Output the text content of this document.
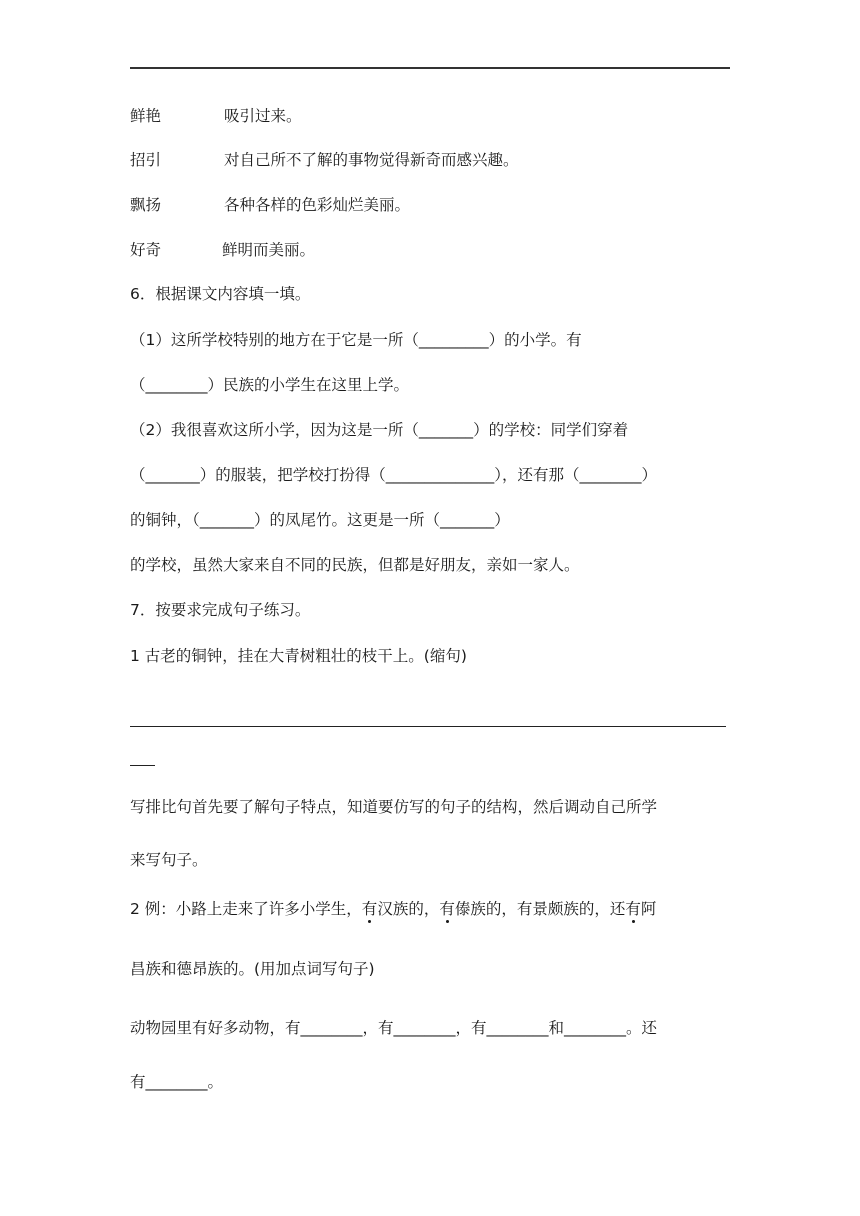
鲜艳	吸引过来。
招引	对自己所不了解的事物觉得新奇而感兴趣。
飘扬	各种各样的色彩灿烂美丽。
好奇	鲜明而美丽。
6．根据课文内容填一填。
（1）这所学校特别的地方在于它是一所（_________）的小学。有
（________）民族的小学生在这里上学。
（2）我很喜欢这所小学，因为这是一所（_______）的学校：同学们穿着
（_______）的服装，把学校打扮得（______________），还有那（________）
的铜钟，（_______）的凤尾竹。这更是一所（_______）
的学校，虽然大家来自不同的民族，但都是好朋友，亲如一家人。
7．按要求完成句子练习。
1 古老的铜钟，挂在大青树粗壮的枝干上。(缩句)
写排比句首先要了解句子特点，知道要仿写的句子的结构，然后调动自己所学
来写句子。
2 例：小路上走来了许多小学生，有汉族的，有傣族的，有景颇族的，还有阿
昌族和德昂族的。(用加点词写句子)
动物园里有好多动物，有________，有________，有________和________。还
有________。
